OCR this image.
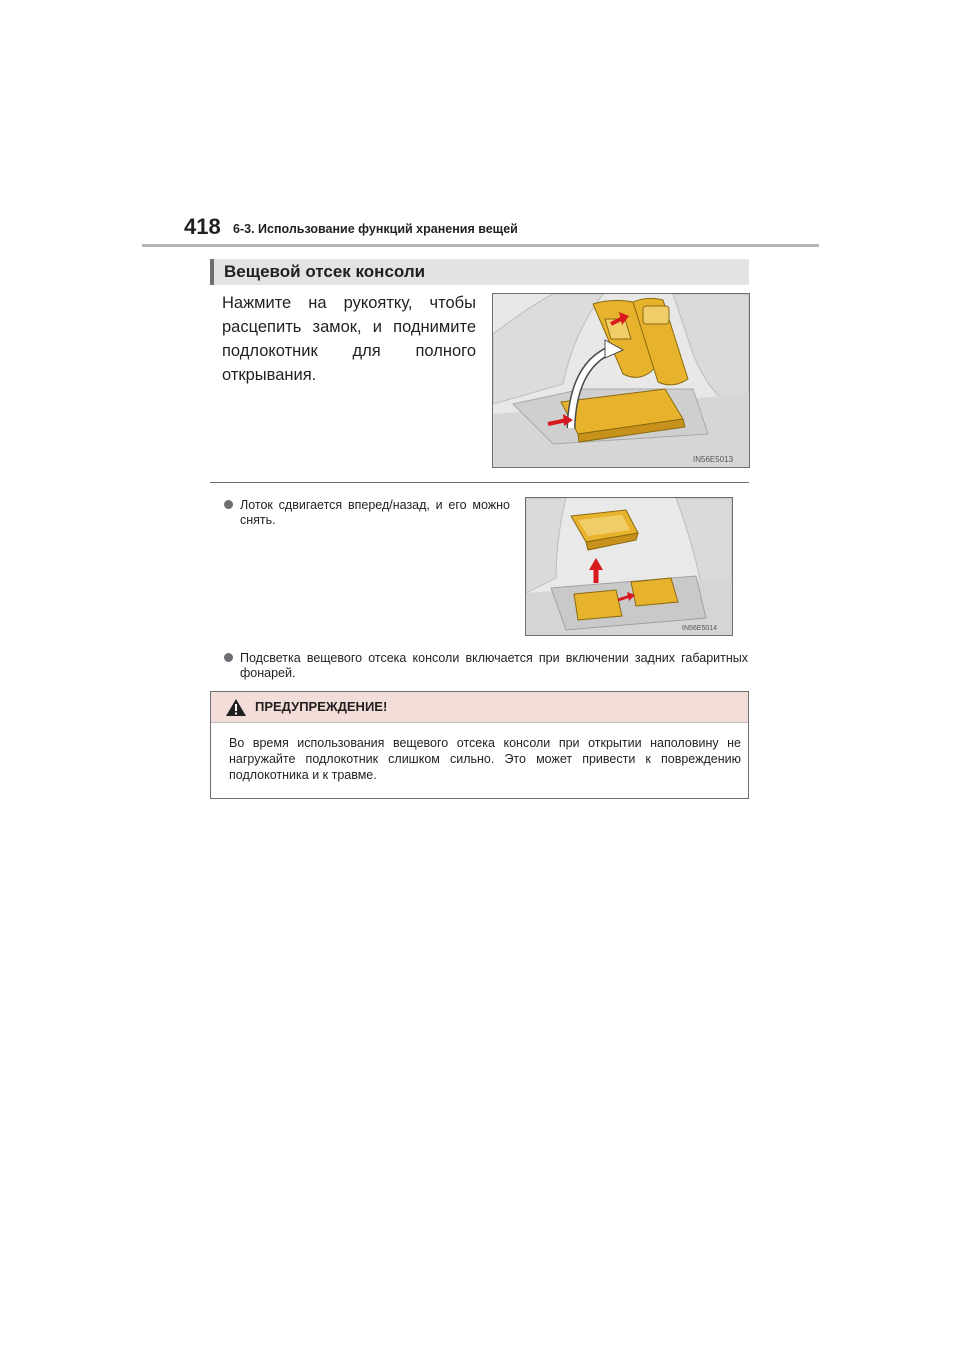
418 6-3. Использование функций хранения вещей
Вещевой отсек консоли
Нажмите на рукоятку, чтобы расцепить замок, и поднимите подлокотник для полного открывания.
IN56E5013
Лоток сдвигается вперед/назад, и его можно снять.
IN56E5014
Подсветка вещевого отсека консоли включается при включении задних габаритных фонарей.
ПРЕДУПРЕЖДЕНИЕ!
Во время использования вещевого отсека консоли при открытии наполовину не нагружайте подлокотник слишком сильно. Это может привести к повреждению подлокотника и к травме.
